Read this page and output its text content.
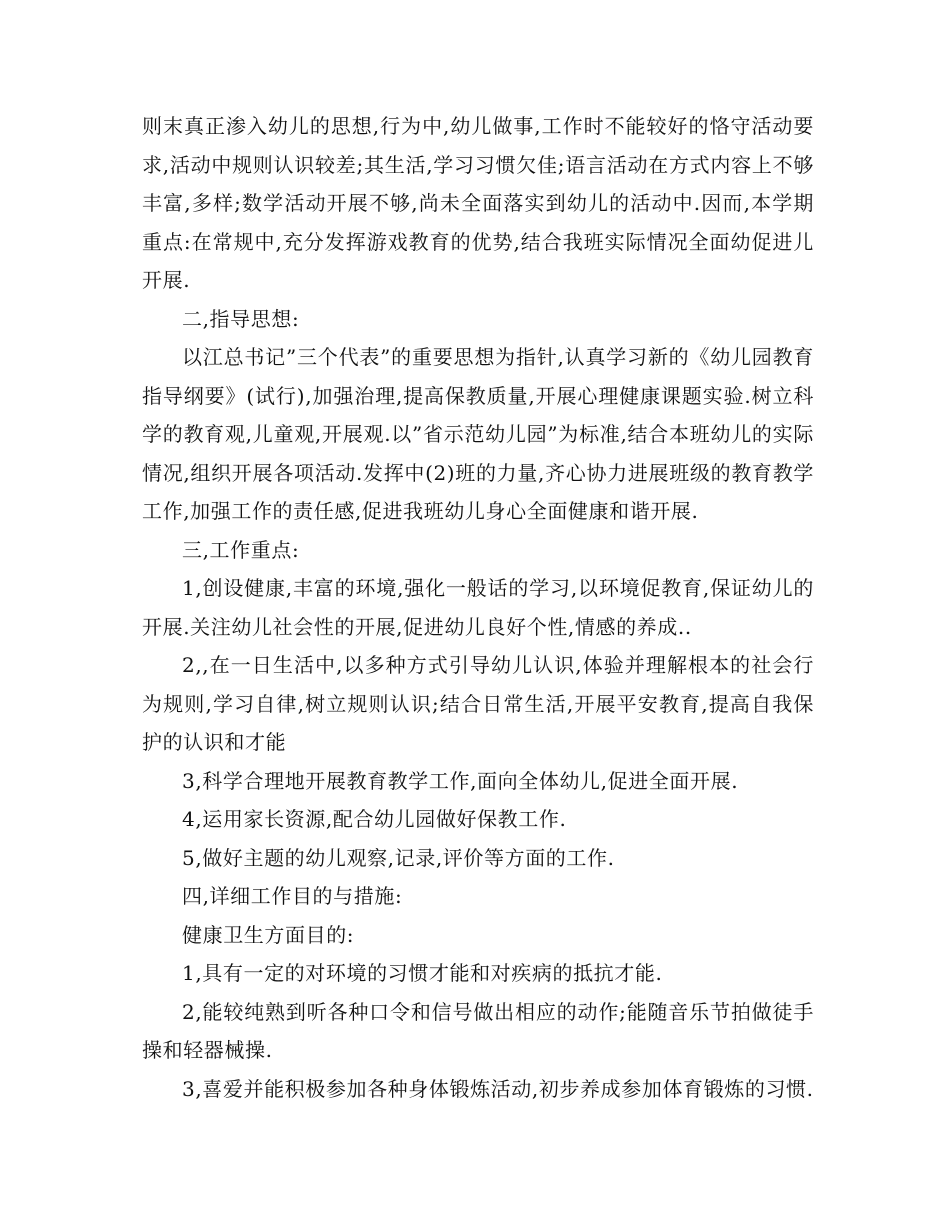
则末真正渗入幼儿的思想,行为中,幼儿做事,工作时不能较好的恪守活动要求,活动中规则认识较差;其生活,学习习惯欠佳;语言活动在方式内容上不够丰富,多样;数学活动开展不够,尚未全面落实到幼儿的活动中.因而,本学期重点:在常规中,充分发挥游戏教育的优势,结合我班实际情况全面幼促进儿开展.

二,指导思想:

以江总书记”三个代表”的重要思想为指针,认真学习新的《幼儿园教育指导纲要》(试行),加强治理,提高保教质量,开展心理健康课题实验.树立科学的教育观,儿童观,开展观.以”省示范幼儿园”为标准,结合本班幼儿的实际情况,组织开展各项活动.发挥中(2)班的力量,齐心协力进展班级的教育教学工作,加强工作的责任感,促进我班幼儿身心全面健康和谐开展.

三,工作重点:

1,创设健康,丰富的环境,强化一般话的学习,以环境促教育,保证幼儿的开展.关注幼儿社会性的开展,促进幼儿良好个性,情感的养成..

2,,在一日生活中,以多种方式引导幼儿认识,体验并理解根本的社会行为规则,学习自律,树立规则认识;结合日常生活,开展平安教育,提高自我保护的认识和才能

3,科学合理地开展教育教学工作,面向全体幼儿,促进全面开展.

4,运用家长资源,配合幼儿园做好保教工作.

5,做好主题的幼儿观察,记录,评价等方面的工作.

四,详细工作目的与措施:

健康卫生方面目的:

1,具有一定的对环境的习惯才能和对疾病的抵抗才能.

2,能较纯熟到听各种口令和信号做出相应的动作;能随音乐节拍做徒手操和轻器械操.

3,喜爱并能积极参加各种身体锻炼活动,初步养成参加体育锻炼的习惯.
